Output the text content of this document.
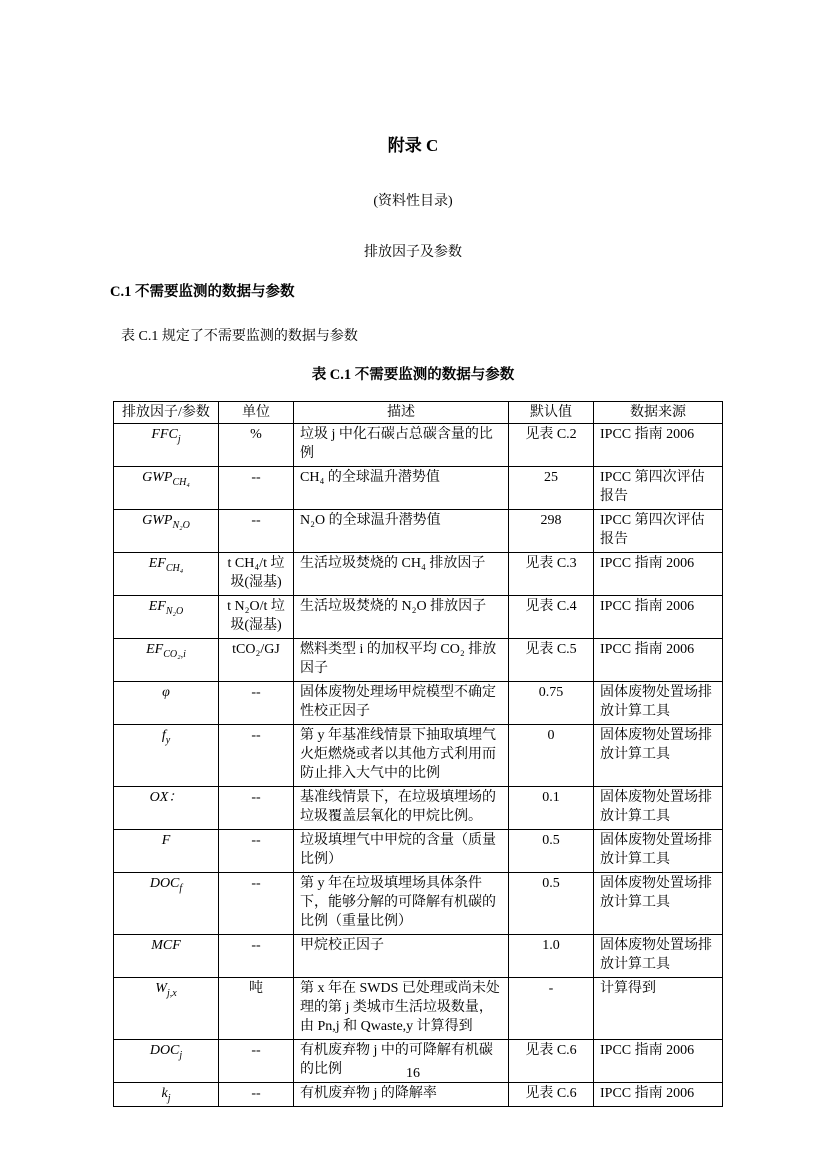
附录 C

(资料性目录)

排放因子及参数

C.1 不需要监测的数据与参数

表 C.1 规定了不需要监测的数据与参数

表 C.1 不需要监测的数据与参数

排放因子/参数	单位	描述	默认值	数据来源
$FFC_j$	%	垃圾 j 中化石碳占总碳含量的比例	见表 C.2	IPCC 指南 2006
$GWP_{CH_4}$	--	CH₄ 的全球温升潜势值	25	IPCC 第四次评估报告
$GWP_{N_2O}$	--	N₂O 的全球温升潜势值	298	IPCC 第四次评估报告
$EF_{CH_4}$	t CH₄/t 垃圾(湿基)	生活垃圾焚烧的 CH₄ 排放因子	见表 C.3	IPCC 指南 2006
$EF_{N_2O}$	t N₂O/t 垃圾(湿基)	生活垃圾焚烧的 N₂O 排放因子	见表 C.4	IPCC 指南 2006
$EF_{CO_2,i}$	tCO₂/GJ	燃料类型 i 的加权平均 CO₂ 排放因子	见表 C.5	IPCC 指南 2006
φ	--	固体废物处理场甲烷模型不确定性校正因子	0.75	固体废物处置场排放计算工具
$f_y$	--	第 y 年基准线情景下抽取填埋气火炬燃烧或者以其他方式利用而防止排入大气中的比例	0	固体废物处置场排放计算工具
OX：	--	基准线情景下，在垃圾填埋场的垃圾覆盖层氧化的甲烷比例。	0.1	固体废物处置场排放计算工具
F	--	垃圾填埋气中甲烷的含量（质量比例）	0.5	固体废物处置场排放计算工具
$DOC_f$	--	第 y 年在垃圾填埋场具体条件下，能够分解的可降解有机碳的比例（重量比例）	0.5	固体废物处置场排放计算工具
MCF	--	甲烷校正因子	1.0	固体废物处置场排放计算工具
$W_{j,x}$	吨	第 x 年在 SWDS 已处理或尚未处理的第 j 类城市生活垃圾数量，由 Pn,j 和 Qwaste,y 计算得到	-	计算得到
$DOC_j$	--	有机废弃物 j 中的可降解有机碳的比例	见表 C.6	IPCC 指南 2006
$k_j$	--	有机废弃物 j 的降解率	见表 C.6	IPCC 指南 2006
16
